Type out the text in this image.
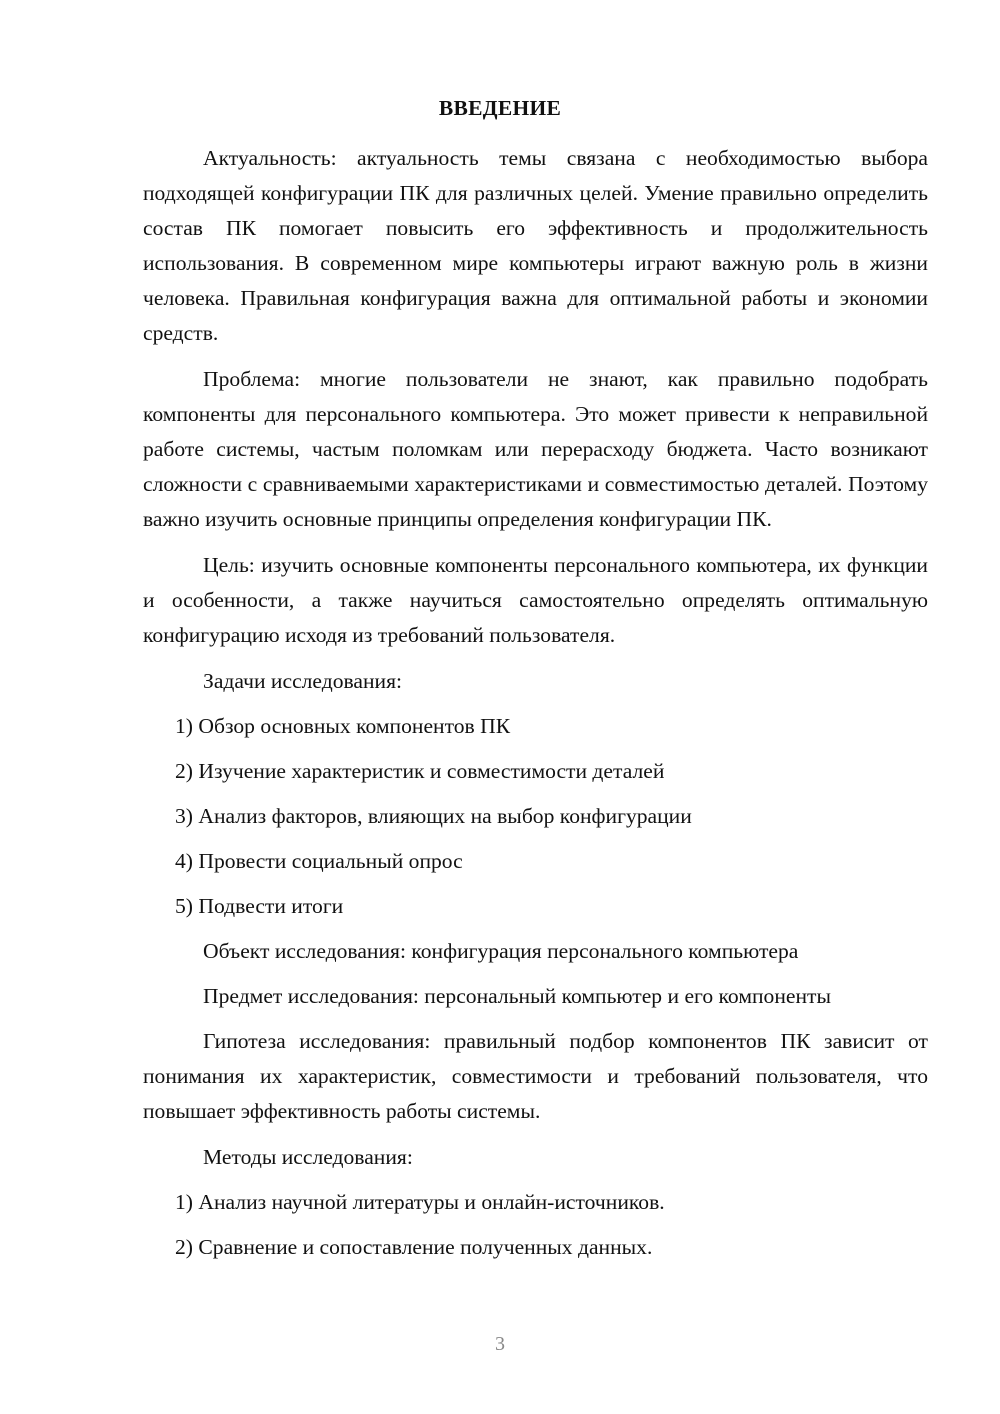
ВВЕДЕНИЕ

Актуальность: актуальность темы связана с необходимостью выбора подходящей конфигурации ПК для различных целей. Умение правильно определить состав ПК помогает повысить его эффективность и продолжительность использования. В современном мире компьютеры играют важную роль в жизни человека. Правильная конфигурация важна для оптимальной работы и экономии средств.

Проблема: многие пользователи не знают, как правильно подобрать компоненты для персонального компьютера. Это может привести к неправильной работе системы, частым поломкам или перерасходу бюджета. Часто возникают сложности с сравниваемыми характеристиками и совместимостью деталей. Поэтому важно изучить основные принципы определения конфигурации ПК.

Цель: изучить основные компоненты персонального компьютера, их функции и особенности, а также научиться самостоятельно определять оптимальную конфигурацию исходя из требований пользователя.

Задачи исследования:
1) Обзор основных компонентов ПК
2) Изучение характеристик и совместимости деталей
3) Анализ факторов, влияющих на выбор конфигурации
4) Провести социальный опрос
5) Подвести итоги
Объект исследования: конфигурация персонального компьютера
Предмет исследования: персональный компьютер и его компоненты

Гипотеза исследования: правильный подбор компонентов ПК зависит от понимания их характеристик, совместимости и требований пользователя, что повышает эффективность работы системы.

Методы исследования:
1) Анализ научной литературы и онлайн-источников.
2) Сравнение и сопоставление полученных данных.
3
